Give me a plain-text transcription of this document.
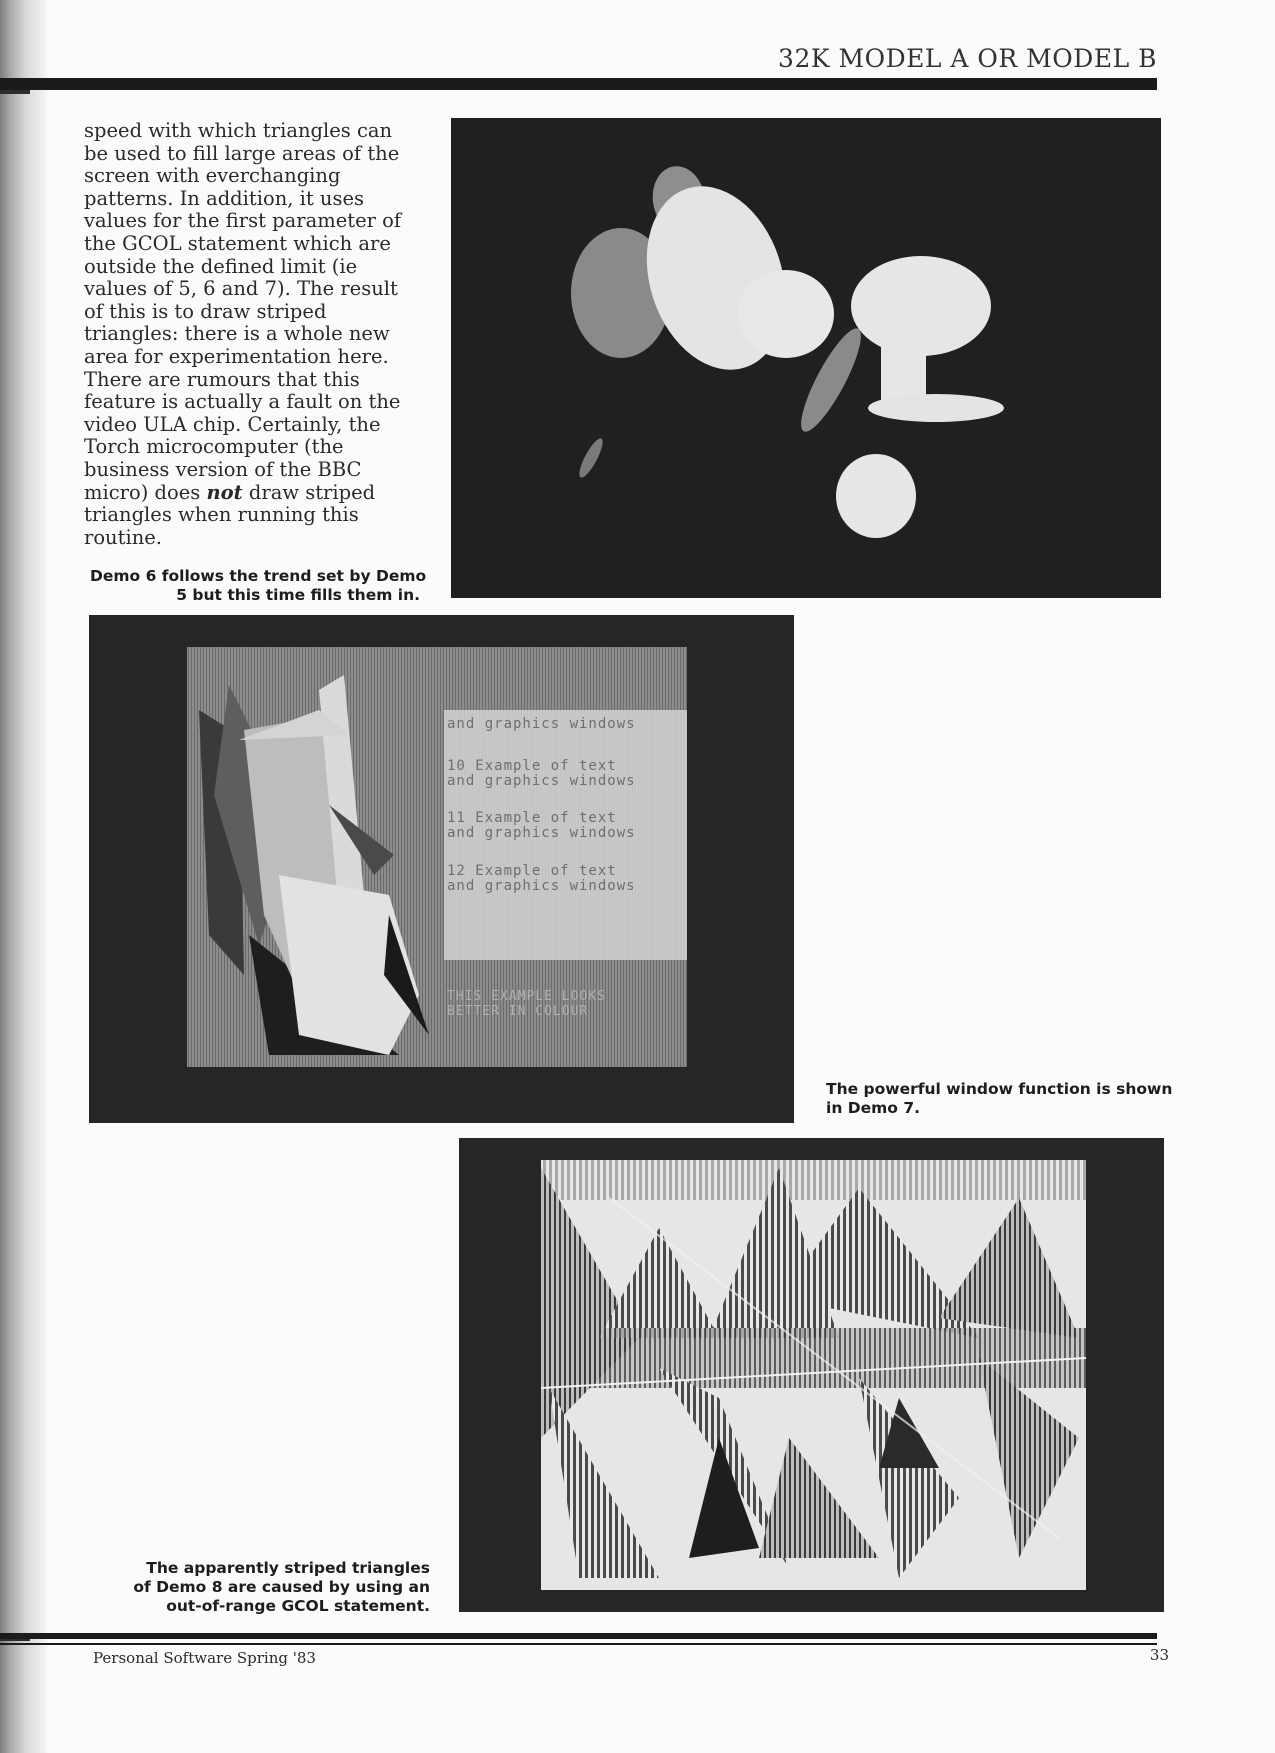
32K MODEL A OR MODEL B
speed with which triangles can
be used to fill large areas of the
screen with everchanging
patterns. In addition, it uses
values for the first parameter of
the GCOL statement which are
outside the defined limit (ie
values of 5, 6 and 7). The result
of this is to draw striped
triangles: there is a whole new
area for experimentation here.
There are rumours that this
feature is actually a fault on the
video ULA chip. Certainly, the
Torch microcomputer (the
business version of the BBC
micro) does not draw striped
triangles when running this
routine.
Demo 6 follows the trend set by Demo
5 but this time fills them in.
and graphics windows
10 Example of text
and graphics windows
11 Example of text
and graphics windows
12 Example of text
and graphics windows
THIS EXAMPLE LOOKS
BETTER IN COLOUR
The powerful window function is shown
in Demo 7.
The apparently striped triangles
of Demo 8 are caused by using an
out-of-range GCOL statement.
Personal Software Spring '83	33
